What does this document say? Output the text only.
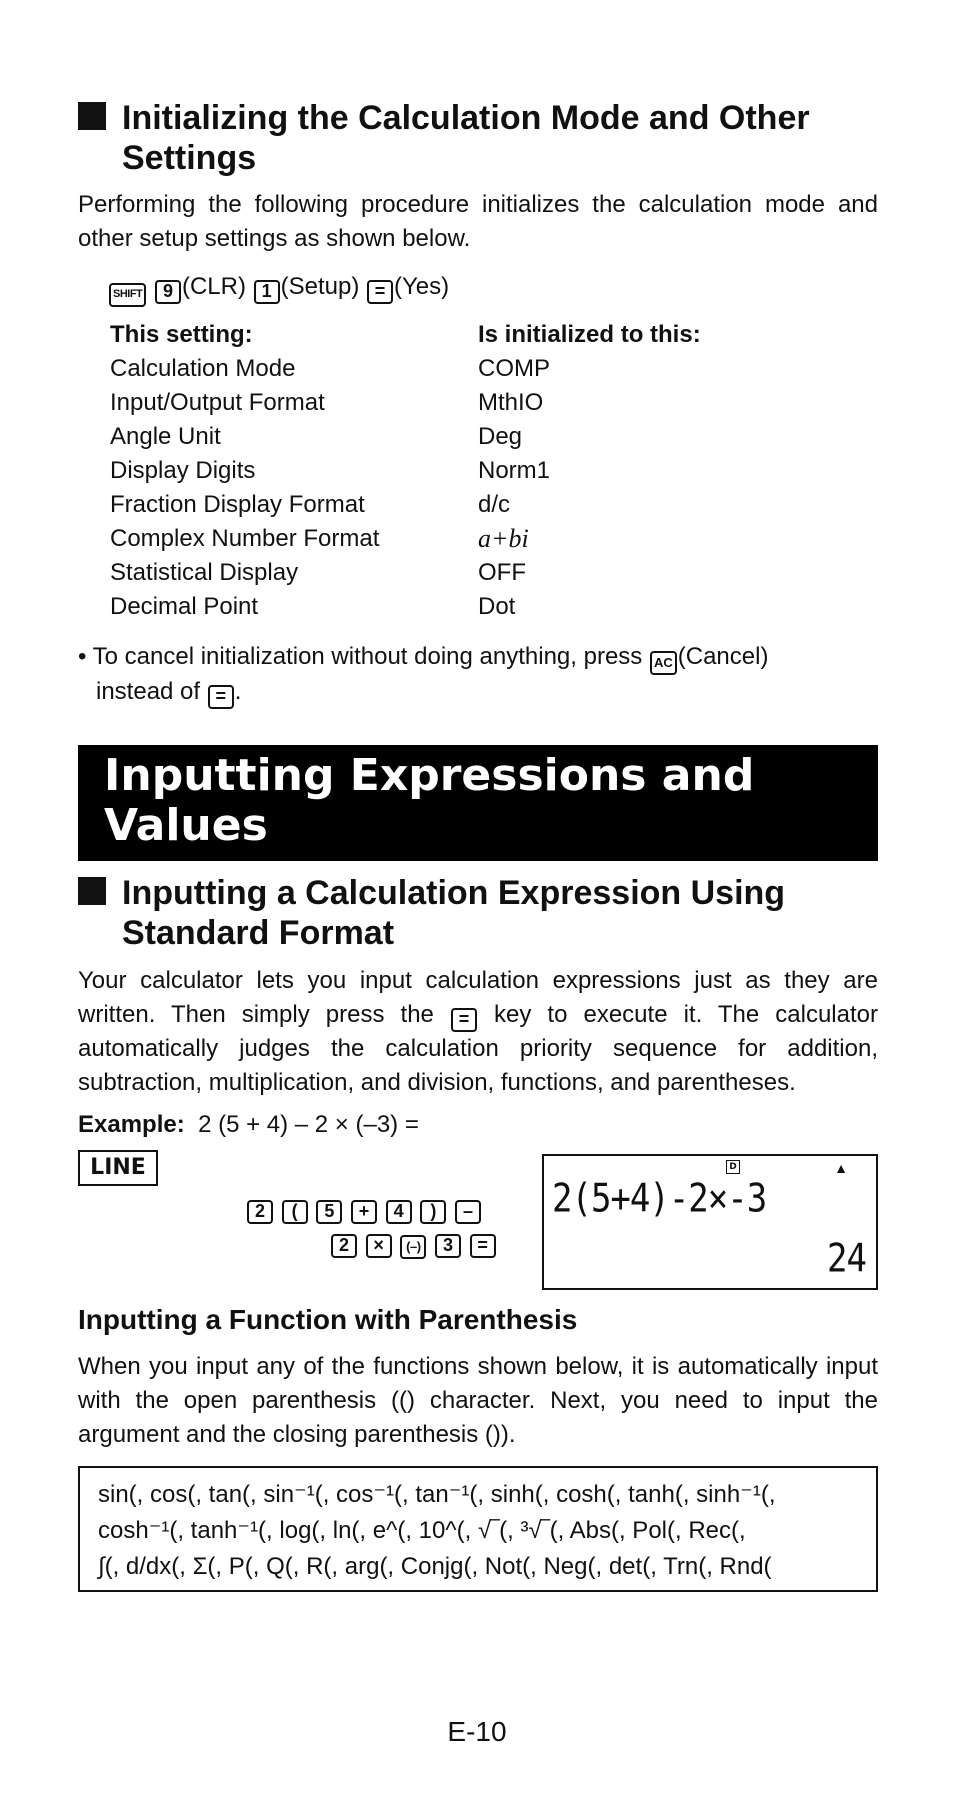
Initializing the Calculation Mode and Other Settings
Performing the following procedure initializes the calculation mode and other setup settings as shown below.
SHIFT 9 (CLR) 1 (Setup) = (Yes)
This setting:	Is initialized to this:
Calculation Mode	COMP
Input/Output Format	MthIO
Angle Unit	Deg
Display Digits	Norm1
Fraction Display Format	d/c
Complex Number Format	a+bi
Statistical Display	OFF
Decimal Point	Dot
• To cancel initialization without doing anything, press AC (Cancel)
instead of = .
Inputting Expressions and
Values
Inputting a Calculation Expression Using
Standard Format
Your calculator lets you input calculation expressions just as they are written. Then simply press the = key to execute it. The calculator automatically judges the calculation priority sequence for addition, subtraction, multiplication, and division, functions, and parentheses.
Example: 2 (5 + 4) – 2 × (–3) =
LINE
2 ( 5 + 4 ) –
2 × (–) 3 =
D	▲
2(5+4)-2×-3
24
Inputting a Function with Parenthesis
When you input any of the functions shown below, it is automatically input with the open parenthesis (() character. Next, you need to input the argument and the closing parenthesis ()).
sin(, cos(, tan(, sin⁻¹(, cos⁻¹(, tan⁻¹(, sinh(, cosh(, tanh(, sinh⁻¹(,
cosh⁻¹(, tanh⁻¹(, log(, ln(, e^(, 10^(, √‾(, ³√‾(, Abs(, Pol(, Rec(,
∫(, d/dx(, Σ(, P(, Q(, R(, arg(, Conjg(, Not(, Neg(, det(, Trn(, Rnd(
E-10
